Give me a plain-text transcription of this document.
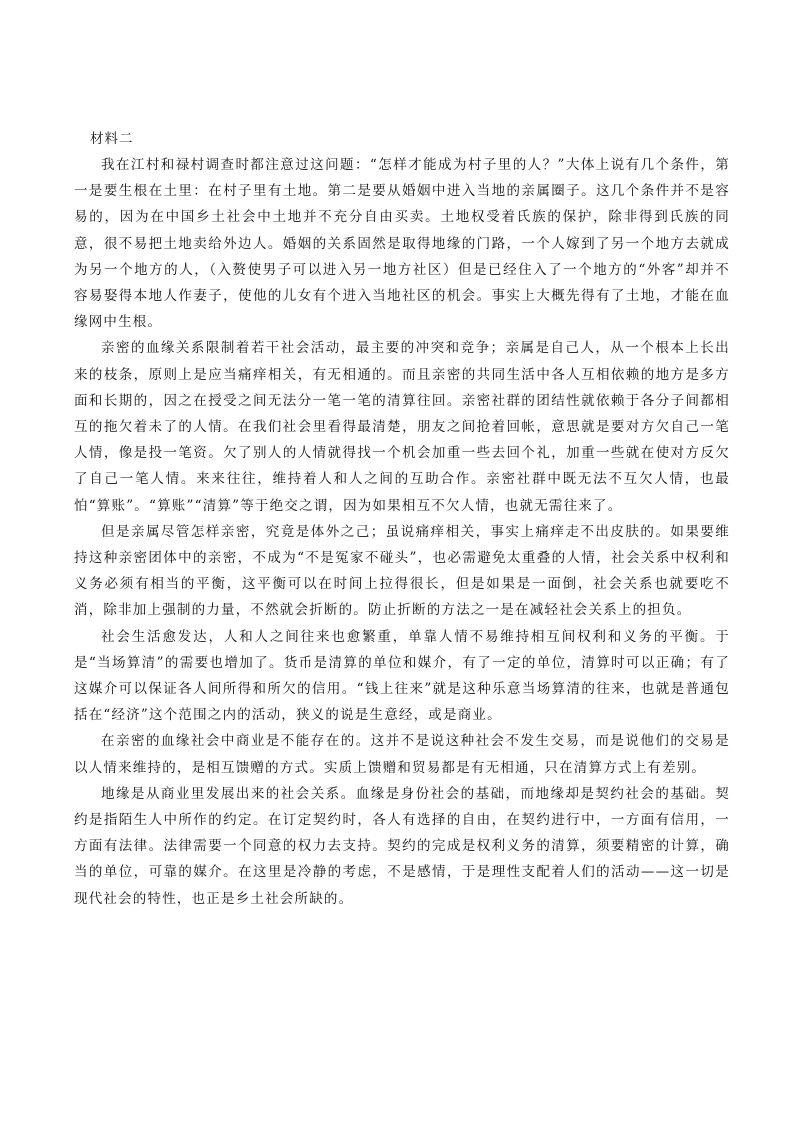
材料二

我在江村和禄村调查时都注意过这问题：“怎样才能成为村子里的人？”大体上说有几个条件，第一是要生根在土里：在村子里有土地。第二是要从婚姻中进入当地的亲属圈子。这几个条件并不是容易的，因为在中国乡土社会中土地并不充分自由买卖。土地权受着氏族的保护，除非得到氏族的同意，很不易把土地卖给外边人。婚姻的关系固然是取得地缘的门路，一个人嫁到了另一个地方去就成为另一个地方的人，（入赘使男子可以进入另一地方社区）但是已经住入了一个地方的“外客”却并不容易娶得本地人作妻子，使他的儿女有个进入当地社区的机会。事实上大概先得有了土地，才能在血缘网中生根。

亲密的血缘关系限制着若干社会活动，最主要的冲突和竞争；亲属是自己人，从一个根本上长出来的枝条，原则上是应当痛痒相关，有无相通的。而且亲密的共同生活中各人互相依赖的地方是多方面和长期的，因之在授受之间无法分一笔一笔的清算往回。亲密社群的团结性就依赖于各分子间都相互的拖欠着未了的人情。在我们社会里看得最清楚，朋友之间抢着回帐，意思就是要对方欠自己一笔人情，像是投一笔资。欠了别人的人情就得找一个机会加重一些去回个礼，加重一些就在使对方反欠了自己一笔人情。来来往往，维持着人和人之间的互助合作。亲密社群中既无法不互欠人情，也最怕“算账”。“算账”“清算”等于绝交之谓，因为如果相互不欠人情，也就无需往来了。

但是亲属尽管怎样亲密，究竟是体外之己；虽说痛痒相关，事实上痛痒走不出皮肤的。如果要维持这种亲密团体中的亲密，不成为“不是冤家不碰头”，也必需避免太重叠的人情，社会关系中权利和义务必须有相当的平衡，这平衡可以在时间上拉得很长，但是如果是一面倒，社会关系也就要吃不消，除非加上强制的力量，不然就会折断的。防止折断的方法之一是在减轻社会关系上的担负。

社会生活愈发达，人和人之间往来也愈繁重，单靠人情不易维持相互间权利和义务的平衡。于是“当场算清”的需要也增加了。货币是清算的单位和媒介，有了一定的单位，清算时可以正确；有了这媒介可以保证各人间所得和所欠的信用。“钱上往来”就是这种乐意当场算清的往来，也就是普通包括在“经济”这个范围之内的活动，狭义的说是生意经，或是商业。

在亲密的血缘社会中商业是不能存在的。这并不是说这种社会不发生交易，而是说他们的交易是以人情来维持的，是相互馈赠的方式。实质上馈赠和贸易都是有无相通，只在清算方式上有差别。

地缘是从商业里发展出来的社会关系。血缘是身份社会的基础，而地缘却是契约社会的基础。契约是指陌生人中所作的约定。在订定契约时，各人有选择的自由，在契约进行中，一方面有信用，一方面有法律。法律需要一个同意的权力去支持。契约的完成是权利义务的清算，须要精密的计算，确当的单位，可靠的媒介。在这里是冷静的考虑，不是感情，于是理性支配着人们的活动——这一切是现代社会的特性，也正是乡土社会所缺的。
